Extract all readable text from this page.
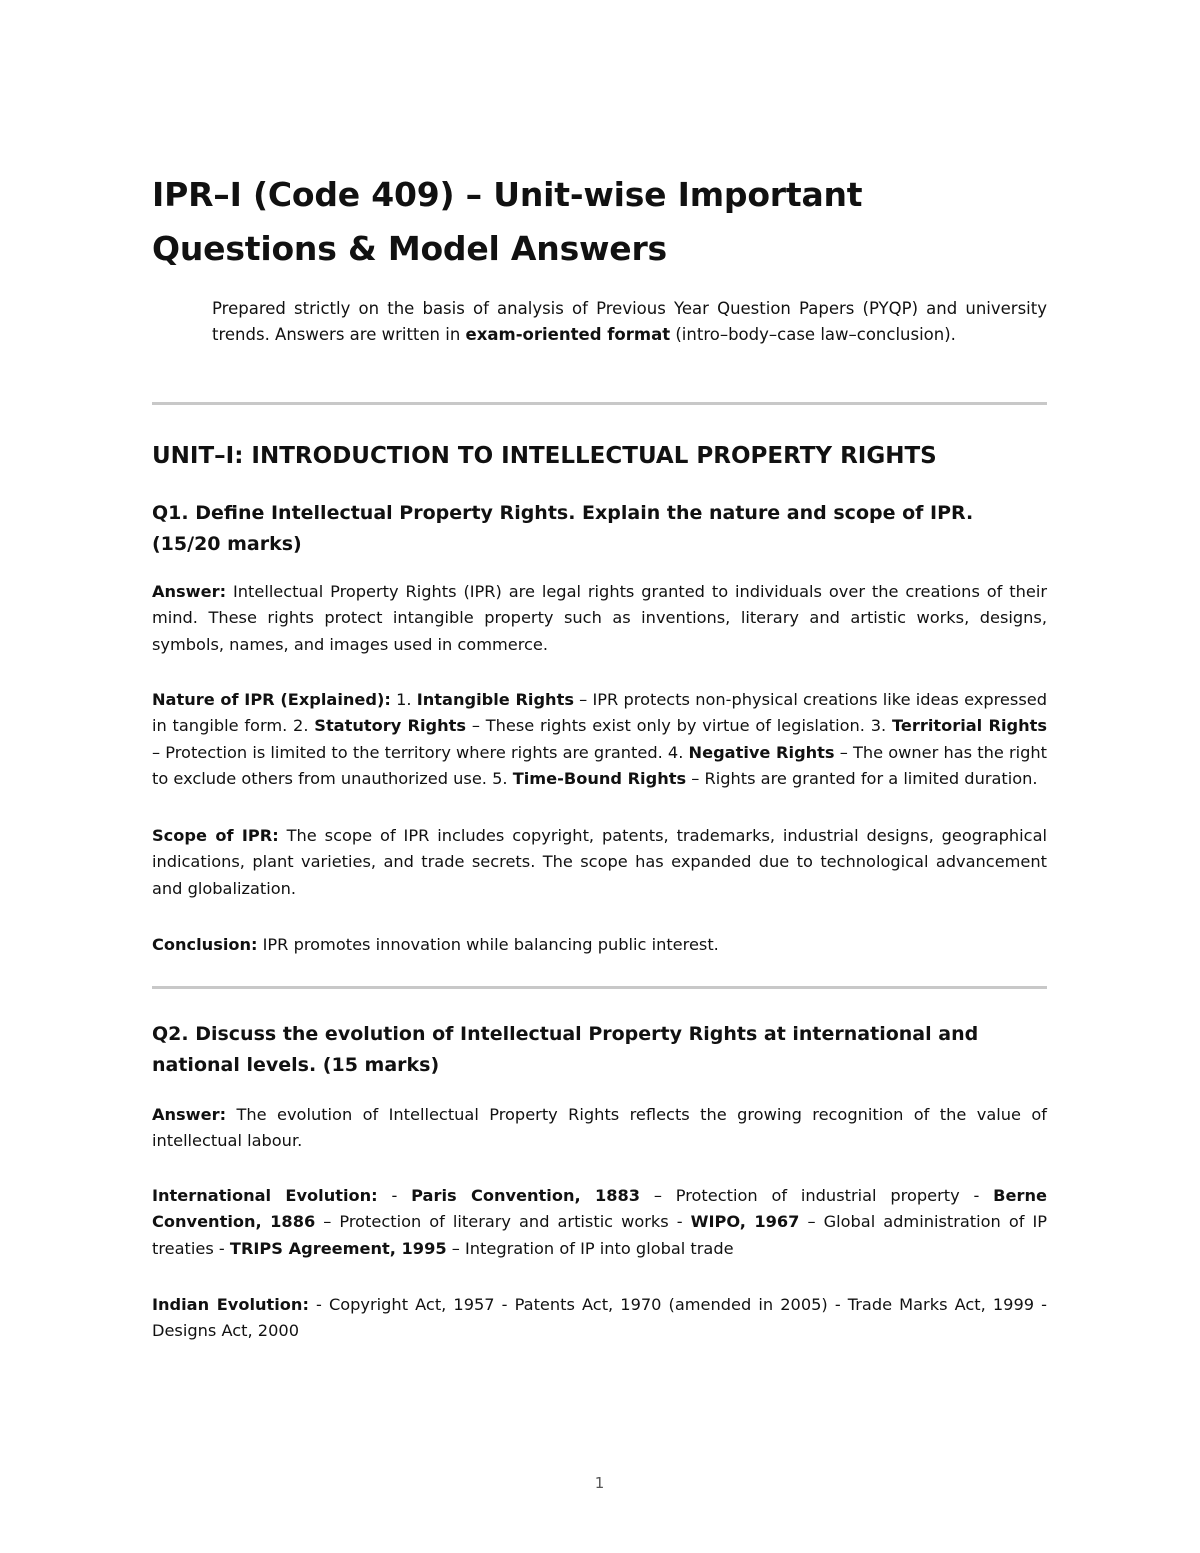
IPR–I (Code 409) – Unit-wise Important Questions & Model Answers

Prepared strictly on the basis of analysis of Previous Year Question Papers (PYQP) and university trends. Answers are written in exam-oriented format (intro–body–case law–conclusion).

UNIT–I: INTRODUCTION TO INTELLECTUAL PROPERTY RIGHTS
Q1. Define Intellectual Property Rights. Explain the nature and scope of IPR. (15/20 marks)

Answer: Intellectual Property Rights (IPR) are legal rights granted to individuals over the creations of their mind. These rights protect intangible property such as inventions, literary and artistic works, designs, symbols, names, and images used in commerce.

Nature of IPR (Explained): 1. Intangible Rights – IPR protects non-physical creations like ideas expressed in tangible form. 2. Statutory Rights – These rights exist only by virtue of legislation. 3. Territorial Rights – Protection is limited to the territory where rights are granted. 4. Negative Rights – The owner has the right to exclude others from unauthorized use. 5. Time-Bound Rights – Rights are granted for a limited duration.

Scope of IPR: The scope of IPR includes copyright, patents, trademarks, industrial designs, geographical indications, plant varieties, and trade secrets. The scope has expanded due to technological advancement and globalization.

Conclusion: IPR promotes innovation while balancing public interest.

Q2. Discuss the evolution of Intellectual Property Rights at international and national levels. (15 marks)

Answer: The evolution of Intellectual Property Rights reflects the growing recognition of the value of intellectual labour.

International Evolution: - Paris Convention, 1883 – Protection of industrial property - Berne Convention, 1886 – Protection of literary and artistic works - WIPO, 1967 – Global administration of IP treaties - TRIPS Agreement, 1995 – Integration of IP into global trade

Indian Evolution: - Copyright Act, 1957 - Patents Act, 1970 (amended in 2005) - Trade Marks Act, 1999 - Designs Act, 2000

1
